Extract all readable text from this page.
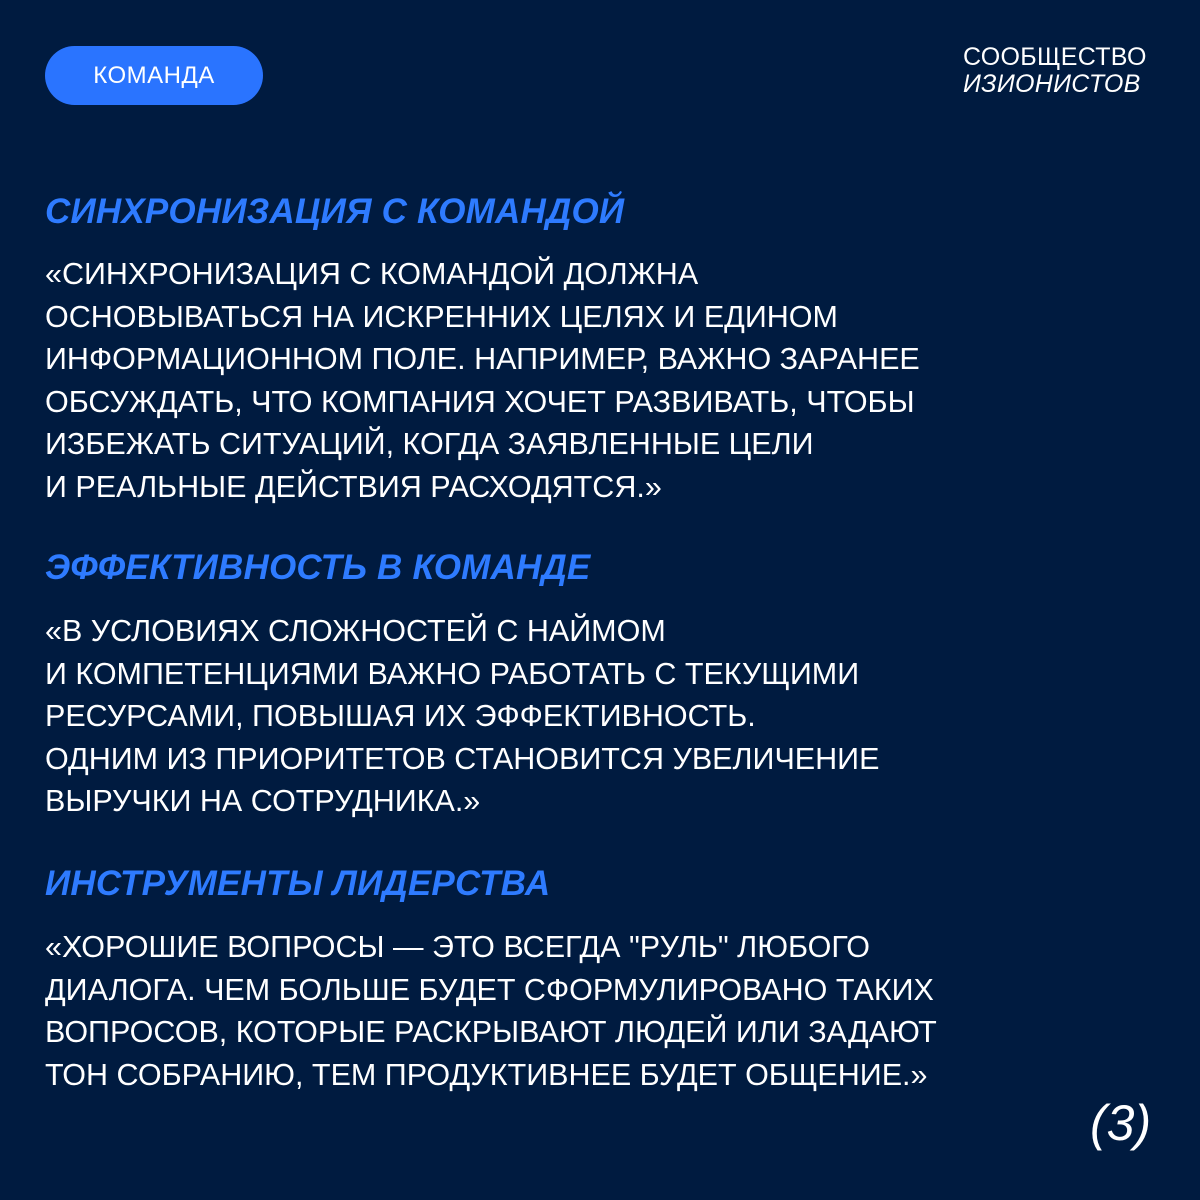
КОМАНДА
СООБЩЕСТВО
ИЗИОНИСТОВ
СИНХРОНИЗАЦИЯ С КОМАНДОЙ

«СИНХРОНИЗАЦИЯ С КОМАНДОЙ ДОЛЖНА
ОСНОВЫВАТЬСЯ НА ИСКРЕННИХ ЦЕЛЯХ И ЕДИНОМ
ИНФОРМАЦИОННОМ ПОЛЕ. НАПРИМЕР, ВАЖНО ЗАРАНЕЕ
ОБСУЖДАТЬ, ЧТО КОМПАНИЯ ХОЧЕТ РАЗВИВАТЬ, ЧТОБЫ
ИЗБЕЖАТЬ СИТУАЦИЙ, КОГДА ЗАЯВЛЕННЫЕ ЦЕЛИ
И РЕАЛЬНЫЕ ДЕЙСТВИЯ РАСХОДЯТСЯ.»

ЭФФЕКТИВНОСТЬ В КОМАНДЕ

«В УСЛОВИЯХ СЛОЖНОСТЕЙ С НАЙМОМ
И КОМПЕТЕНЦИЯМИ ВАЖНО РАБОТАТЬ С ТЕКУЩИМИ
РЕСУРСАМИ, ПОВЫШАЯ ИХ ЭФФЕКТИВНОСТЬ.
ОДНИМ ИЗ ПРИОРИТЕТОВ СТАНОВИТСЯ УВЕЛИЧЕНИЕ
ВЫРУЧКИ НА СОТРУДНИКА.»

ИНСТРУМЕНТЫ ЛИДЕРСТВА

«ХОРОШИЕ ВОПРОСЫ — ЭТО ВСЕГДА "РУЛЬ" ЛЮБОГО
ДИАЛОГА. ЧЕМ БОЛЬШЕ БУДЕТ СФОРМУЛИРОВАНО ТАКИХ
ВОПРОСОВ, КОТОРЫЕ РАСКРЫВАЮТ ЛЮДЕЙ ИЛИ ЗАДАЮТ
ТОН СОБРАНИЮ, ТЕМ ПРОДУКТИВНЕЕ БУДЕТ ОБЩЕНИЕ.»

(3)
